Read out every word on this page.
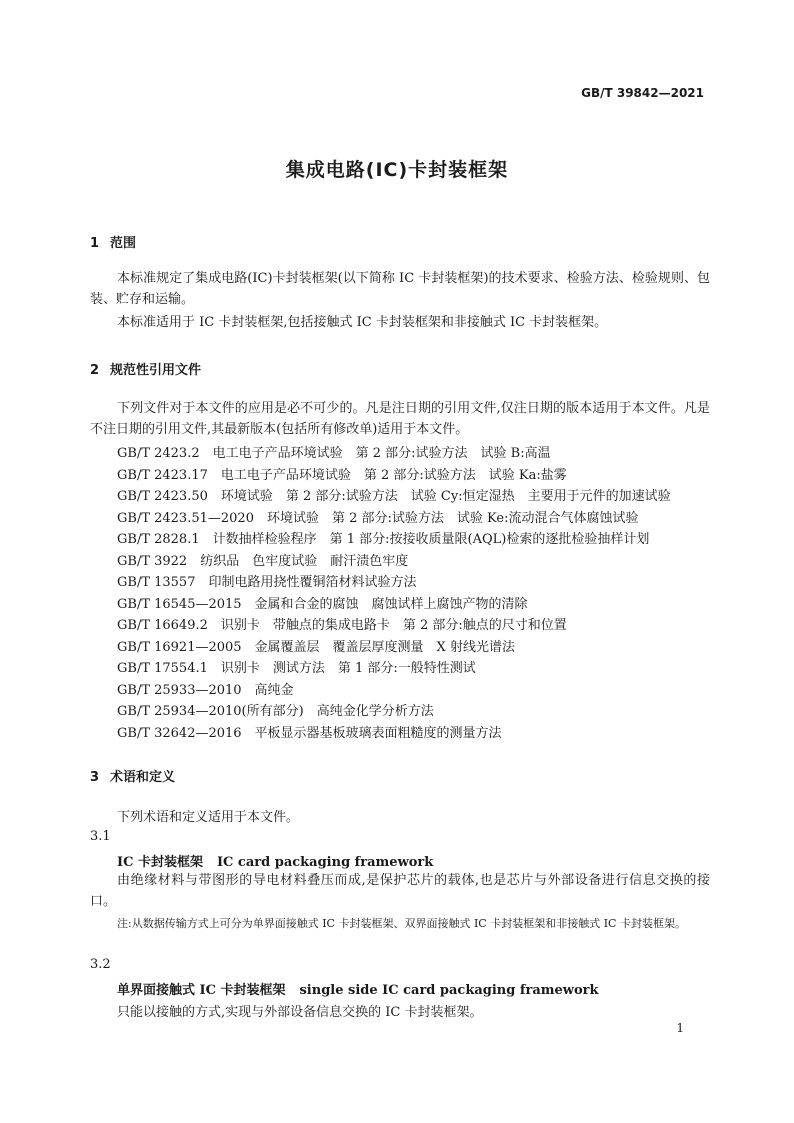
GB/T 39842—2021
集成电路(IC)卡封装框架
1 范围
本标准规定了集成电路(IC)卡封装框架(以下简称 IC 卡封装框架)的技术要求、检验方法、检验规则、包装、贮存和运输。
本标准适用于 IC 卡封装框架,包括接触式 IC 卡封装框架和非接触式 IC 卡封装框架。
2 规范性引用文件
下列文件对于本文件的应用是必不可少的。凡是注日期的引用文件,仅注日期的版本适用于本文件。凡是不注日期的引用文件,其最新版本(包括所有修改单)适用于本文件。
GB/T 2423.2　电工电子产品环境试验　第 2 部分:试验方法　试验 B:高温
GB/T 2423.17　电工电子产品环境试验　第 2 部分:试验方法　试验 Ka:盐雾
GB/T 2423.50　环境试验　第 2 部分:试验方法　试验 Cy:恒定湿热　主要用于元件的加速试验
GB/T 2423.51—2020　环境试验　第 2 部分:试验方法　试验 Ke:流动混合气体腐蚀试验
GB/T 2828.1　计数抽样检验程序　第 1 部分:按接收质量限(AQL)检索的逐批检验抽样计划
GB/T 3922　纺织品　色牢度试验　耐汗渍色牢度
GB/T 13557　印制电路用挠性覆铜箔材料试验方法
GB/T 16545—2015　金属和合金的腐蚀　腐蚀试样上腐蚀产物的清除
GB/T 16649.2　识别卡　带触点的集成电路卡　第 2 部分:触点的尺寸和位置
GB/T 16921—2005　金属覆盖层　覆盖层厚度测量　X 射线光谱法
GB/T 17554.1　识别卡　测试方法　第 1 部分:一般特性测试
GB/T 25933—2010　高纯金
GB/T 25934—2010(所有部分)　高纯金化学分析方法
GB/T 32642—2016　平板显示器基板玻璃表面粗糙度的测量方法
3 术语和定义
下列术语和定义适用于本文件。
3.1
IC 卡封装框架 IC card packaging framework
由绝缘材料与带图形的导电材料叠压而成,是保护芯片的载体,也是芯片与外部设备进行信息交换的接口。
注:从数据传输方式上可分为单界面接触式 IC 卡封装框架、双界面接触式 IC 卡封装框架和非接触式 IC 卡封装框架。
3.2
单界面接触式 IC 卡封装框架 single side IC card packaging framework
只能以接触的方式,实现与外部设备信息交换的 IC 卡封装框架。
1
